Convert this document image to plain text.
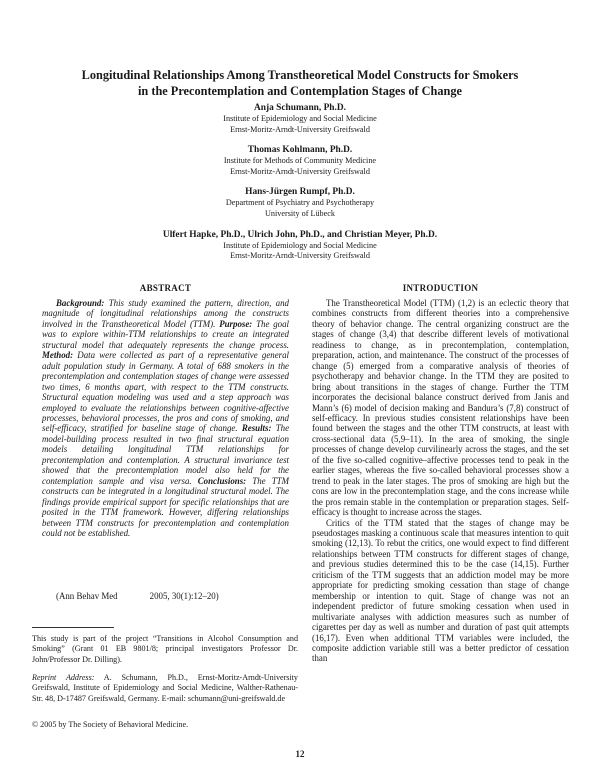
Longitudinal Relationships Among Transtheoretical Model Constructs for Smokers
in the Precontemplation and Contemplation Stages of Change
Anja Schumann, Ph.D.
Institute of Epidemiology and Social Medicine
Ernst-Moritz-Arndt-University Greifswald
Thomas Kohlmann, Ph.D.
Institute for Methods of Community Medicine
Ernst-Moritz-Arndt-University Greifswald
Hans-Jürgen Rumpf, Ph.D.
Department of Psychiatry and Psychotherapy
University of Lübeck
Ulfert Hapke, Ph.D., Ulrich John, Ph.D., and Christian Meyer, Ph.D.
Institute of Epidemiology and Social Medicine
Ernst-Moritz-Arndt-University Greifswald
ABSTRACT

Background: This study examined the pattern, direction, and magnitude of longitudinal relationships among the constructs involved in the Transtheoretical Model (TTM). Purpose: The goal was to explore within-TTM relationships to create an integrated structural model that adequately represents the change process. Method: Data were collected as part of a representative general adult population study in Germany. A total of 688 smokers in the precontemplation and contemplation stages of change were assessed two times, 6 months apart, with respect to the TTM constructs. Structural equation modeling was used and a step approach was employed to evaluate the relationships between cognitive-affective processes, behavioral processes, the pros and cons of smoking, and self-efficacy, stratified for baseline stage of change. Results: The model-building process resulted in two final structural equation models detailing longitudinal TTM relationships for precontemplation and contemplation. A structural invariance test showed that the precontemplation model also held for the contemplation sample and visa versa. Conclusions: The TTM constructs can be integrated in a longitudinal structural model. The findings provide empirical support for specific relationships that are posited in the TTM framework. However, differing relationships between TTM constructs for precontemplation and contemplation could not be established.

(Ann Behav Med	2005, 30(1):12–20)

This study is part of the project “Transitions in Alcohol Consumption and Smoking” (Grant 01 EB 9801/8; principal investigators Professor Dr. John/Professor Dr. Dilling).

Reprint Address: A. Schumann, Ph.D., Ernst-Moritz-Arndt-University Greifswald, Institute of Epidemiology and Social Medicine, Walther-Rathenau-Str. 48, D-17487 Greifswald, Germany. E-mail: schumann@uni-greifswald.de

© 2005 by The Society of Behavioral Medicine.

INTRODUCTION

The Transtheoretical Model (TTM) (1,2) is an eclectic theory that combines constructs from different theories into a comprehensive theory of behavior change. The central organizing construct are the stages of change (3,4) that describe different levels of motivational readiness to change, as in precontemplation, contemplation, preparation, action, and maintenance. The construct of the processes of change (5) emerged from a comparative analysis of theories of psychotherapy and behavior change. In the TTM they are posited to bring about transitions in the stages of change. Further the TTM incorporates the decisional balance construct derived from Janis and Mann’s (6) model of decision making and Bandura’s (7,8) construct of self-efficacy. In previous studies consistent relationships have been found between the stages and the other TTM constructs, at least with cross-sectional data (5,9–11). In the area of smoking, the single processes of change develop curvilinearly across the stages, and the set of the five so-called cognitive–affective processes tend to peak in the earlier stages, whereas the five so-called behavioral processes show a trend to peak in the later stages. The pros of smoking are high but the cons are low in the precontemplation stage, and the cons increase while the pros remain stable in the contemplation or preparation stages. Self-efficacy is thought to increase across the stages.

Critics of the TTM stated that the stages of change may be pseudostages masking a continuous scale that measures intention to quit smoking (12,13). To rebut the critics, one would expect to find different relationships between TTM constructs for different stages of change, and previous studies determined this to be the case (14,15). Further criticism of the TTM suggests that an addiction model may be more appropriate for predicting smoking cessation than stage of change membership or intention to quit. Stage of change was not an independent predictor of future smoking cessation when used in multivariate analyses with addiction measures such as number of cigarettes per day as well as number and duration of past quit attempts (16,17). Even when additional TTM variables were included, the composite addiction variable still was a better predictor of cessation than

12
